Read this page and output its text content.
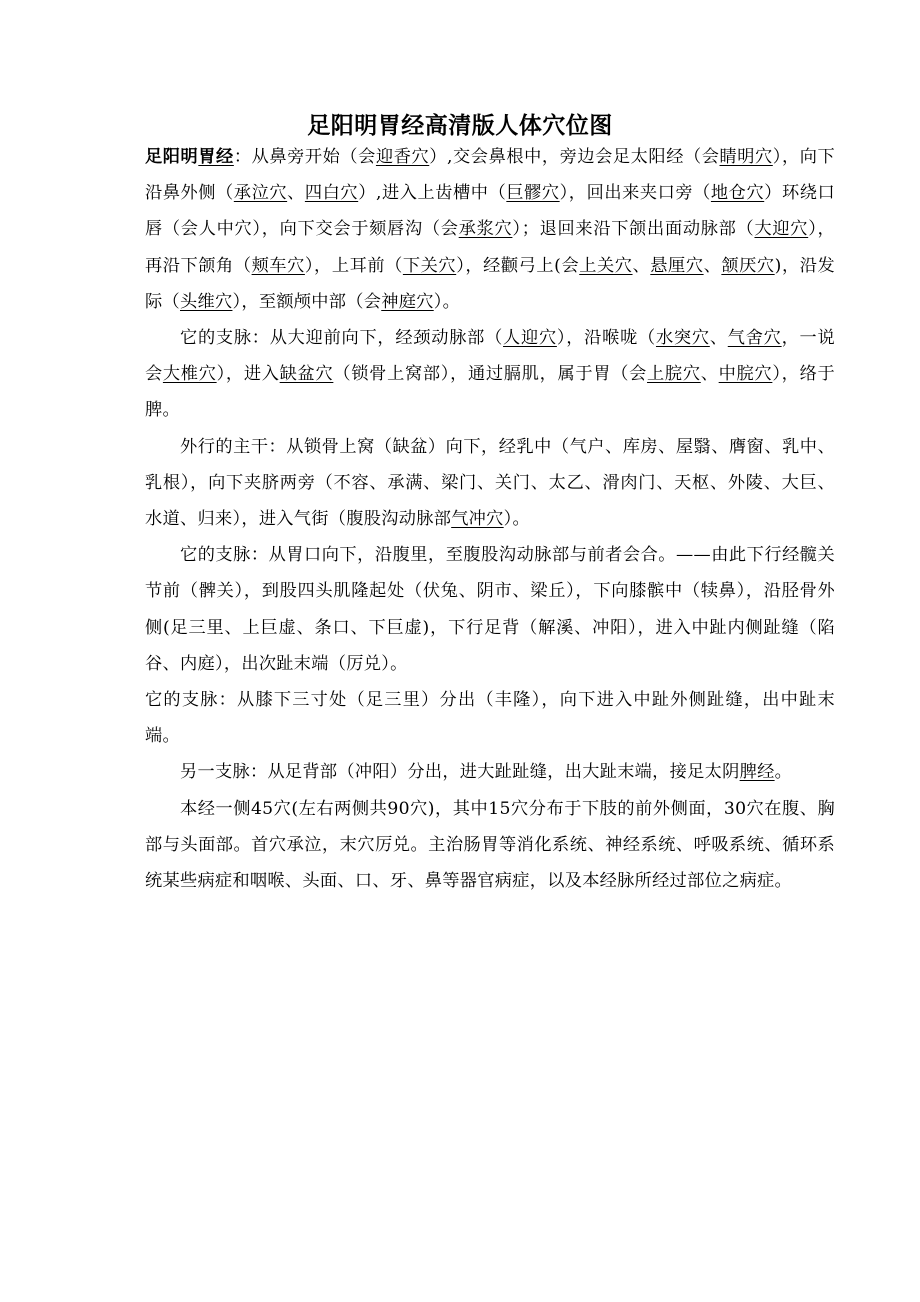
足阳明胃经高清版人体穴位图

足阳明胃经：从鼻旁开始（会迎香穴）,交会鼻根中，旁边会足太阳经（会睛明穴），向下沿鼻外侧（承泣穴、四白穴）,进入上齿槽中（巨髎穴），回出来夹口旁（地仓穴）环绕口唇（会人中穴），向下交会于颏唇沟（会承浆穴）；退回来沿下颌出面动脉部（大迎穴），再沿下颌角（颊车穴），上耳前（下关穴），经颧弓上(会上关穴、悬厘穴、颔厌穴)，沿发际（头维穴），至额颅中部（会神庭穴）。

它的支脉：从大迎前向下，经颈动脉部（人迎穴），沿喉咙（水突穴、气舍穴，一说会大椎穴），进入缺盆穴（锁骨上窝部），通过膈肌，属于胃（会上脘穴、中脘穴），络于脾。

外行的主干：从锁骨上窝（缺盆）向下，经乳中（气户、库房、屋翳、膺窗、乳中、乳根），向下夹脐两旁（不容、承满、梁门、关门、太乙、滑肉门、天枢、外陵、大巨、水道、归来），进入气街（腹股沟动脉部气冲穴）。

它的支脉：从胃口向下，沿腹里，至腹股沟动脉部与前者会合。——由此下行经髋关节前（髀关），到股四头肌隆起处（伏兔、阴市、梁丘），下向膝髌中（犊鼻），沿胫骨外侧(足三里、上巨虚、条口、下巨虚)，下行足背（解溪、冲阳），进入中趾内侧趾缝（陷谷、内庭），出次趾末端（厉兑）。

它的支脉：从膝下三寸处（足三里）分出（丰隆），向下进入中趾外侧趾缝，出中趾末端。

另一支脉：从足背部（冲阳）分出，进大趾趾缝，出大趾末端，接足太阴脾经。

本经一侧45穴(左右两侧共90穴)，其中15穴分布于下肢的前外侧面，30穴在腹、胸部与头面部。首穴承泣，末穴厉兑。主治肠胃等消化系统、神经系统、呼吸系统、循环系统某些病症和咽喉、头面、口、牙、鼻等器官病症，以及本经脉所经过部位之病症。
